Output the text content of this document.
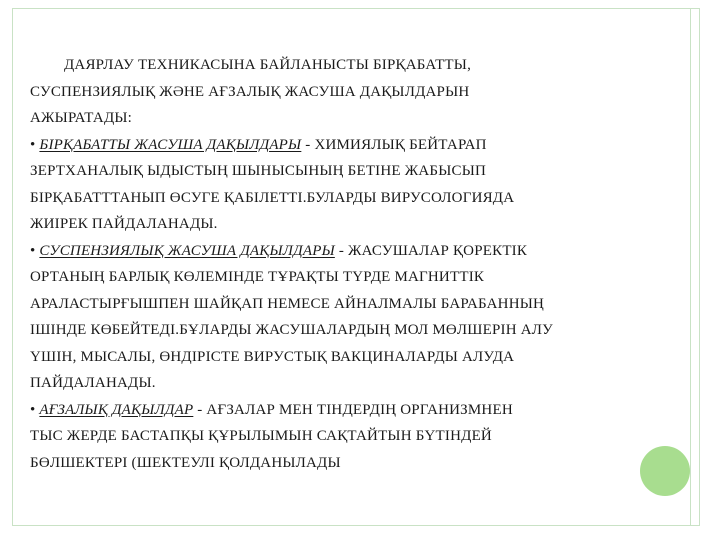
ДАЯРЛАУ ТЕХНИКАСЫНА БАЙЛАНЫСТЫ БІРҚАБАТТЫ,
СУСПЕНЗИЯЛЫҚ ЖӘНЕ АҒЗАЛЫҚ ЖАСУША ДАҚЫЛДАРЫН
АЖЫРАТАДЫ:

• БІРҚАБАТТЫ ЖАСУША ДАҚЫЛДАРЫ - ХИМИЯЛЫҚ БЕЙТАРАП
ЗЕРТХАНАЛЫҚ ЫДЫСТЫҢ ШЫНЫСЫНЫҢ БЕТІНЕ ЖАБЫСЫП
БІРҚАБАТТТАНЫП ӨСУГЕ ҚАБІЛЕТТІ.БУЛАРДЫ ВИРУСОЛОГИЯДА
ЖИІРЕК ПАЙДАЛАНАДЫ.

• СУСПЕНЗИЯЛЫҚ ЖАСУША ДАҚЫЛДАРЫ - ЖАСУШАЛАР ҚОРЕКТІК
ОРТАНЫҢ БАРЛЫҚ КӨЛЕМІНДЕ ТҰРАҚТЫ ТҮРДЕ МАГНИТТІК
АРАЛАСТЫРҒЫШПЕН ШАЙҚАП НЕМЕСЕ АЙНАЛМАЛЫ БАРАБАННЫҢ
ІШІНДЕ КӨБЕЙТЕДІ.БҰЛАРДЫ ЖАСУШАЛАРДЫҢ МОЛ МӨЛШЕРІН АЛУ
ҮШІН, МЫСАЛЫ, ӨНДІРІСТЕ ВИРУСТЫҚ ВАКЦИНАЛАРДЫ АЛУДА
ПАЙДАЛАНАДЫ.

• АҒЗАЛЫҚ ДАҚЫЛДАР - АҒЗАЛАР МЕН ТІНДЕРДІҢ ОРГАНИЗМНЕН
ТЫС ЖЕРДЕ БАСТАПҚЫ ҚҰРЫЛЫМЫН САҚТАЙТЫН БҮТІНДЕЙ
БӨЛШЕКТЕРІ (ШЕКТЕУЛІ ҚОЛДАНЫЛАДЫ
